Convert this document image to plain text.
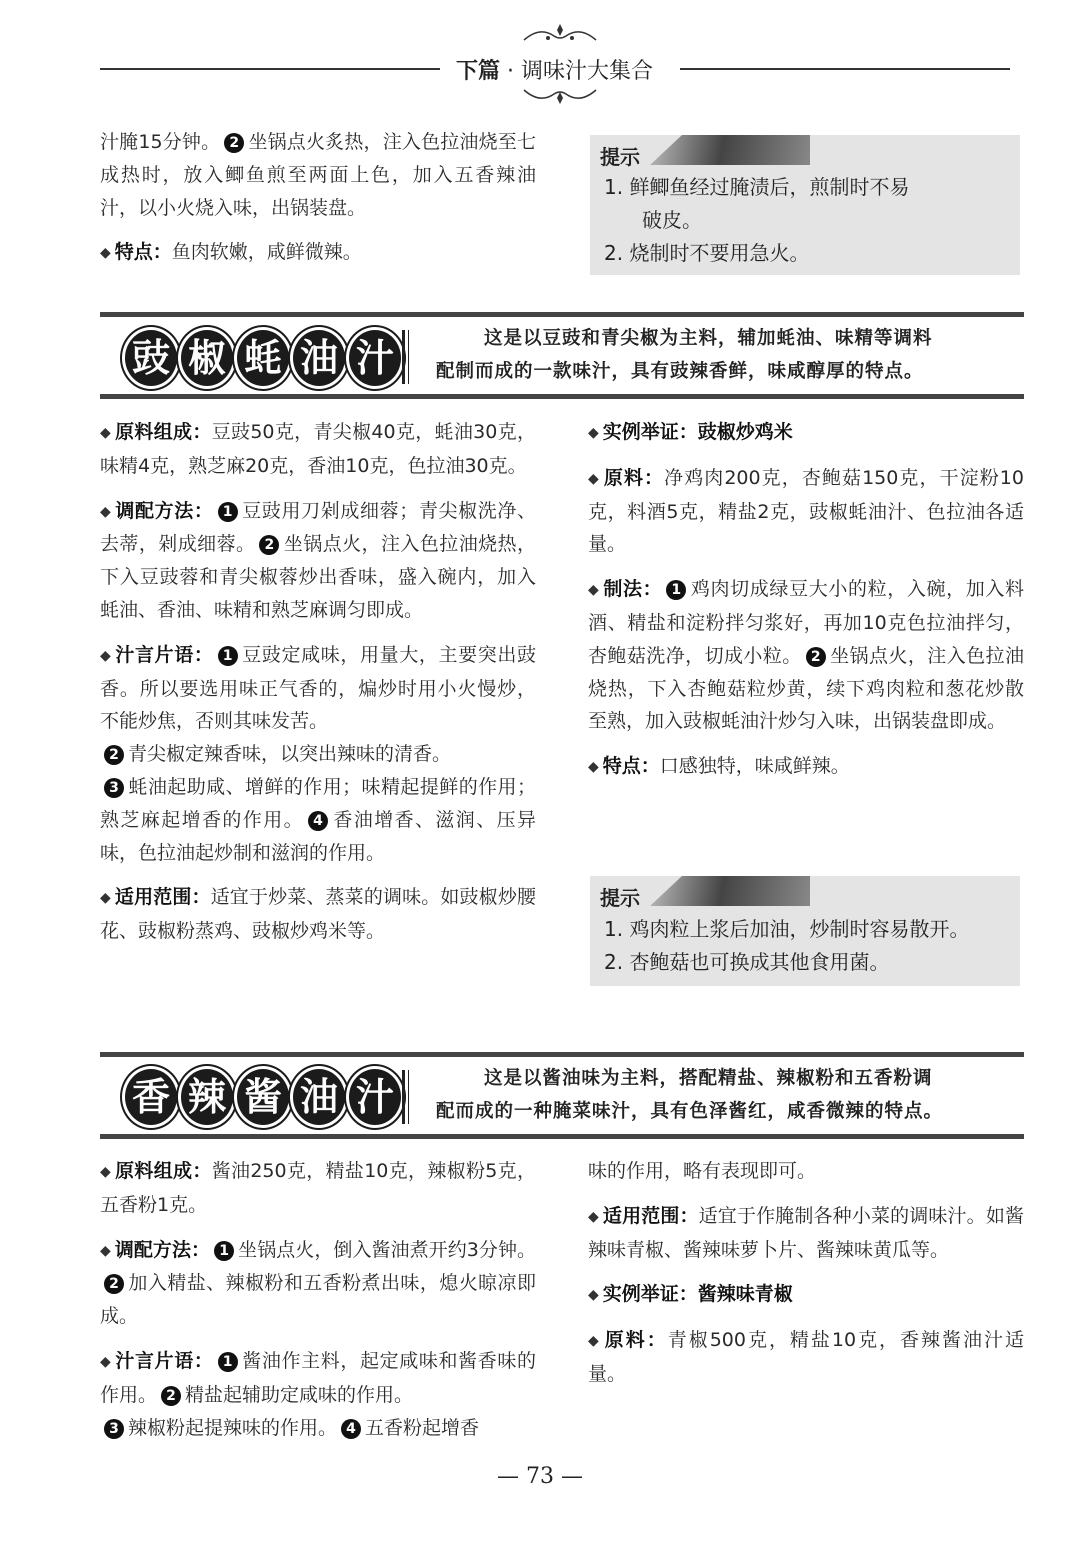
下篇 · 调味汁大集合

汁腌15分钟。 2 坐锅点火炙热，注入色拉油烧至七成热时，放入鲫鱼煎至两面上色，加入五香辣油汁，以小火烧入味，出锅装盘。

◆ 特点：鱼肉软嫩，咸鲜微辣。

提示
1. 鲜鲫鱼经过腌渍后，煎制时不易
破皮。
2. 烧制时不要用急火。
豉 椒 蚝 油 汁	这是以豆豉和青尖椒为主料，辅加蚝油、味精等调料
配制而成的一款味汁，具有豉辣香鲜，味咸醇厚的特点。

◆ 原料组成：豆豉50克，青尖椒40克，蚝油30克，味精4克，熟芝麻20克，香油10克，色拉油30克。

◆ 调配方法： 1 豆豉用刀剁成细蓉；青尖椒洗净、去蒂，剁成细蓉。 2 坐锅点火，注入色拉油烧热，下入豆豉蓉和青尖椒蓉炒出香味，盛入碗内，加入蚝油、香油、味精和熟芝麻调匀即成。

◆ 汁言片语： 1 豆豉定咸味，用量大，主要突出豉香。所以要选用味正气香的，煸炒时用小火慢炒，不能炒焦，否则其味发苦。
2 青尖椒定辣香味，以突出辣味的清香。
3 蚝油起助咸、增鲜的作用；味精起提鲜的作用；熟芝麻起增香的作用。 4 香油增香、滋润、压异味，色拉油起炒制和滋润的作用。

◆ 适用范围：适宜于炒菜、蒸菜的调味。如豉椒炒腰花、豉椒粉蒸鸡、豉椒炒鸡米等。

◆ 实例举证：豉椒炒鸡米

◆ 原料：净鸡肉200克，杏鲍菇150克，干淀粉10克，料酒5克，精盐2克，豉椒蚝油汁、色拉油各适量。

◆ 制法： 1 鸡肉切成绿豆大小的粒，入碗，加入料酒、精盐和淀粉拌匀浆好，再加10克色拉油拌匀，杏鲍菇洗净，切成小粒。 2 坐锅点火，注入色拉油烧热，下入杏鲍菇粒炒黄，续下鸡肉粒和葱花炒散至熟，加入豉椒蚝油汁炒匀入味，出锅装盘即成。

◆ 特点：口感独特，味咸鲜辣。

提示
1. 鸡肉粒上浆后加油，炒制时容易散开。
2. 杏鲍菇也可换成其他食用菌。
香 辣 酱 油 汁	这是以酱油味为主料，搭配精盐、辣椒粉和五香粉调
配而成的一种腌菜味汁，具有色泽酱红，咸香微辣的特点。

◆ 原料组成：酱油250克，精盐10克，辣椒粉5克，五香粉1克。

◆ 调配方法： 1 坐锅点火，倒入酱油煮开约3分钟。2 加入精盐、辣椒粉和五香粉煮出味，熄火晾凉即成。

◆ 汁言片语： 1 酱油作主料，起定咸味和酱香味的作用。 2 精盐起辅助定咸味的作用。
3 辣椒粉起提辣味的作用。 4 五香粉起增香

味的作用，略有表现即可。

◆ 适用范围：适宜于作腌制各种小菜的调味汁。如酱辣味青椒、酱辣味萝卜片、酱辣味黄瓜等。

◆ 实例举证：酱辣味青椒

◆ 原料：青椒500克，精盐10克，香辣酱油汁适量。

— 73 —
